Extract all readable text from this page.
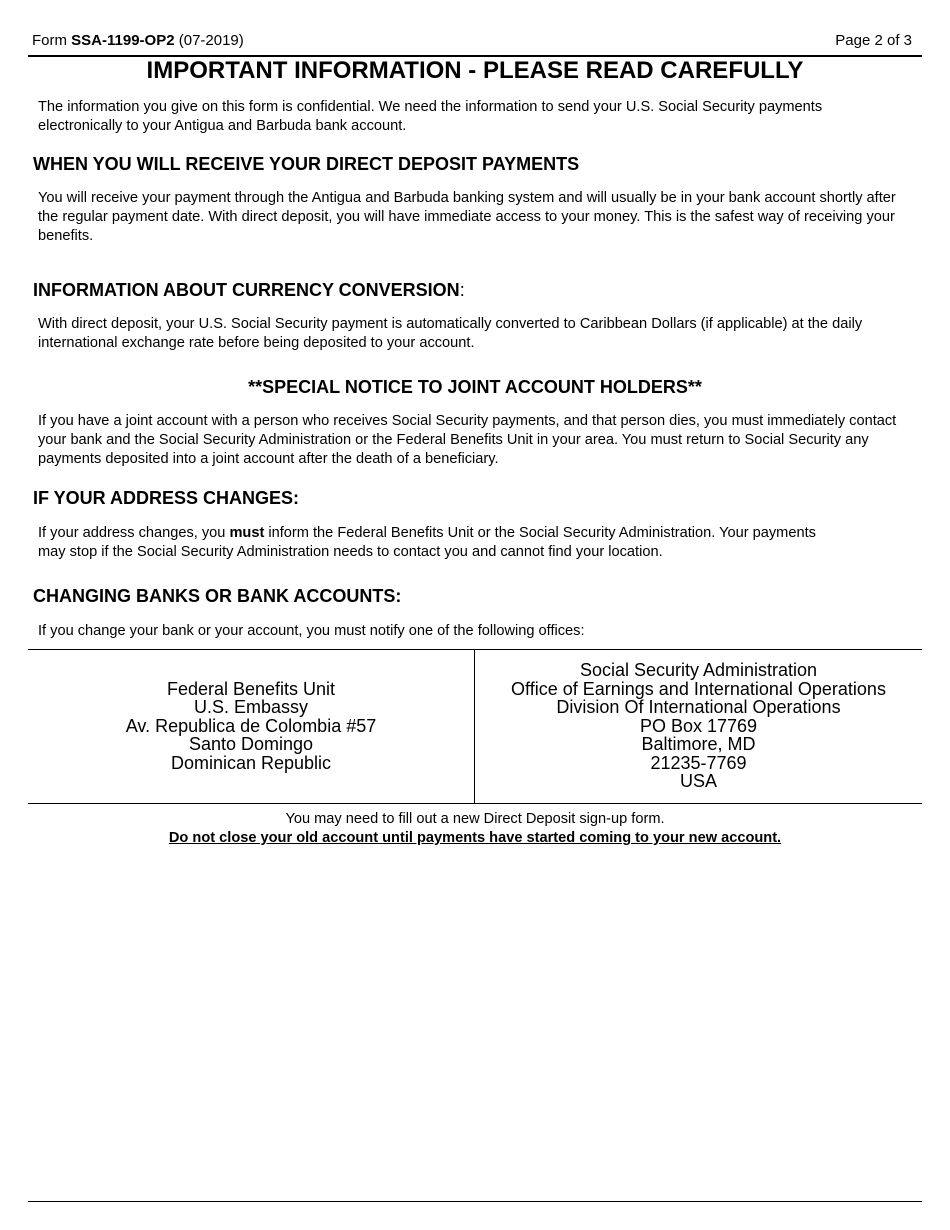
Form SSA-1199-OP2 (07-2019)	Page 2 of 3
IMPORTANT INFORMATION - PLEASE READ CAREFULLY

The information you give on this form is confidential. We need the information to send your U.S. Social Security payments electronically to your Antigua and Barbuda bank account.

WHEN YOU WILL RECEIVE YOUR DIRECT DEPOSIT PAYMENTS

You will receive your payment through the Antigua and Barbuda banking system and will usually be in your bank account shortly after the regular payment date. With direct deposit, you will have immediate access to your money. This is the safest way of receiving your benefits.

INFORMATION ABOUT CURRENCY CONVERSION:

With direct deposit, your U.S. Social Security payment is automatically converted to Caribbean Dollars (if applicable) at the daily international exchange rate before being deposited to your account.

**SPECIAL NOTICE TO JOINT ACCOUNT HOLDERS**

If you have a joint account with a person who receives Social Security payments, and that person dies, you must immediately contact your bank and the Social Security Administration or the Federal Benefits Unit in your area. You must return to Social Security any payments deposited into a joint account after the death of a beneficiary.

IF YOUR ADDRESS CHANGES:

If your address changes, you must inform the Federal Benefits Unit or the Social Security Administration. Your payments may stop if the Social Security Administration needs to contact you and cannot find your location.

CHANGING BANKS OR BANK ACCOUNTS:

If you change your bank or your account, you must notify one of the following offices:

Federal Benefits Unit
U.S. Embassy
Av. Republica de Colombia #57
Santo Domingo
Dominican Republic
Social Security Administration
Office of Earnings and International Operations
Division Of International Operations
PO Box 17769
Baltimore, MD
21235-7769
USA

You may need to fill out a new Direct Deposit sign-up form.

Do not close your old account until payments have started coming to your new account.
